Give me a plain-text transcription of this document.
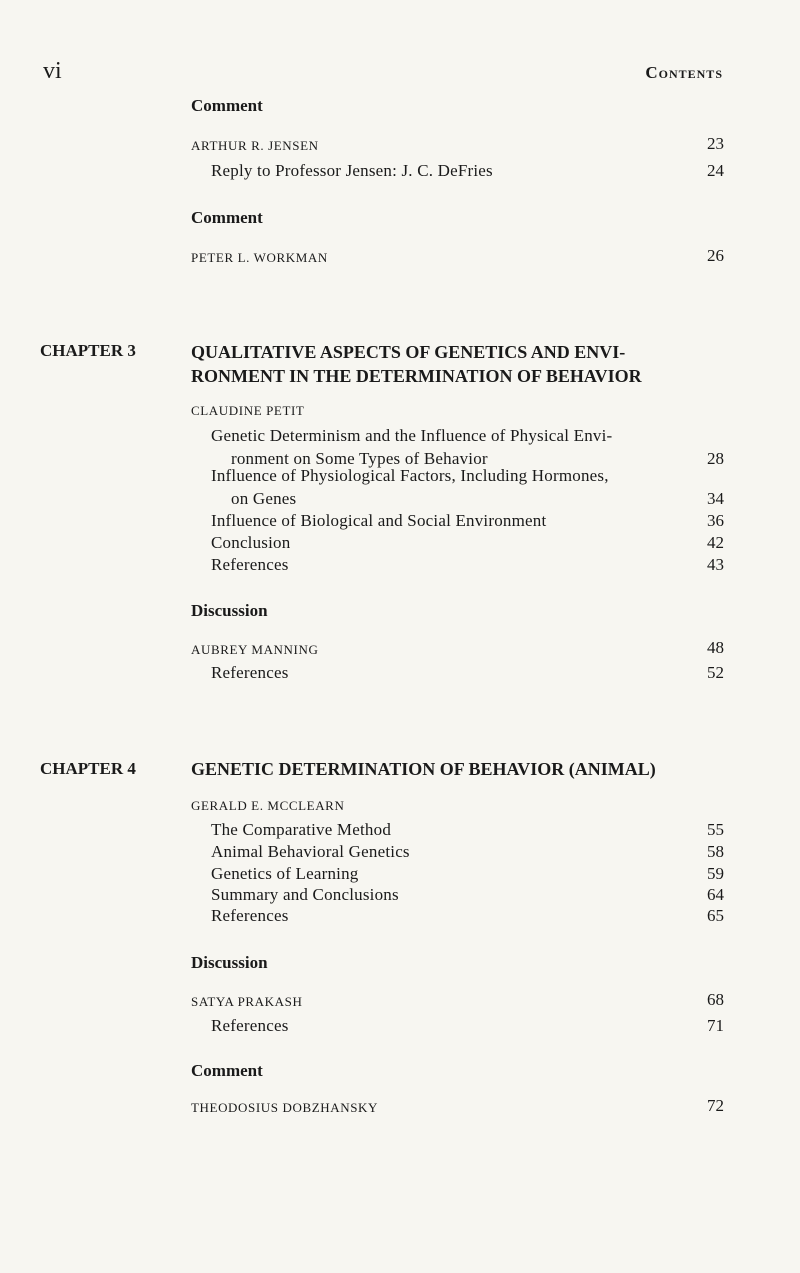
vi	Contents
Comment
ARTHUR R. JENSEN	23
Reply to Professor Jensen: J. C. DeFries	24
Comment
PETER L. WORKMAN	26
CHAPTER 3	QUALITATIVE ASPECTS OF GENETICS AND ENVI-RONMENT IN THE DETERMINATION OF BEHAVIOR
CLAUDINE PETIT
Genetic Determinism and the Influence of Physical Envi-
ronment on Some Types of Behavior	28
Influence of Physiological Factors, Including Hormones,
on Genes	34
Influence of Biological and Social Environment	36
Conclusion	42
References	43
Discussion
AUBREY MANNING	48
References	52
CHAPTER 4	GENETIC DETERMINATION OF BEHAVIOR (ANIMAL)
GERALD E. MCCLEARN
The Comparative Method	55
Animal Behavioral Genetics	58
Genetics of Learning	59
Summary and Conclusions	64
References	65
Discussion
SATYA PRAKASH	68
References	71
Comment
THEODOSIUS DOBZHANSKY	72
